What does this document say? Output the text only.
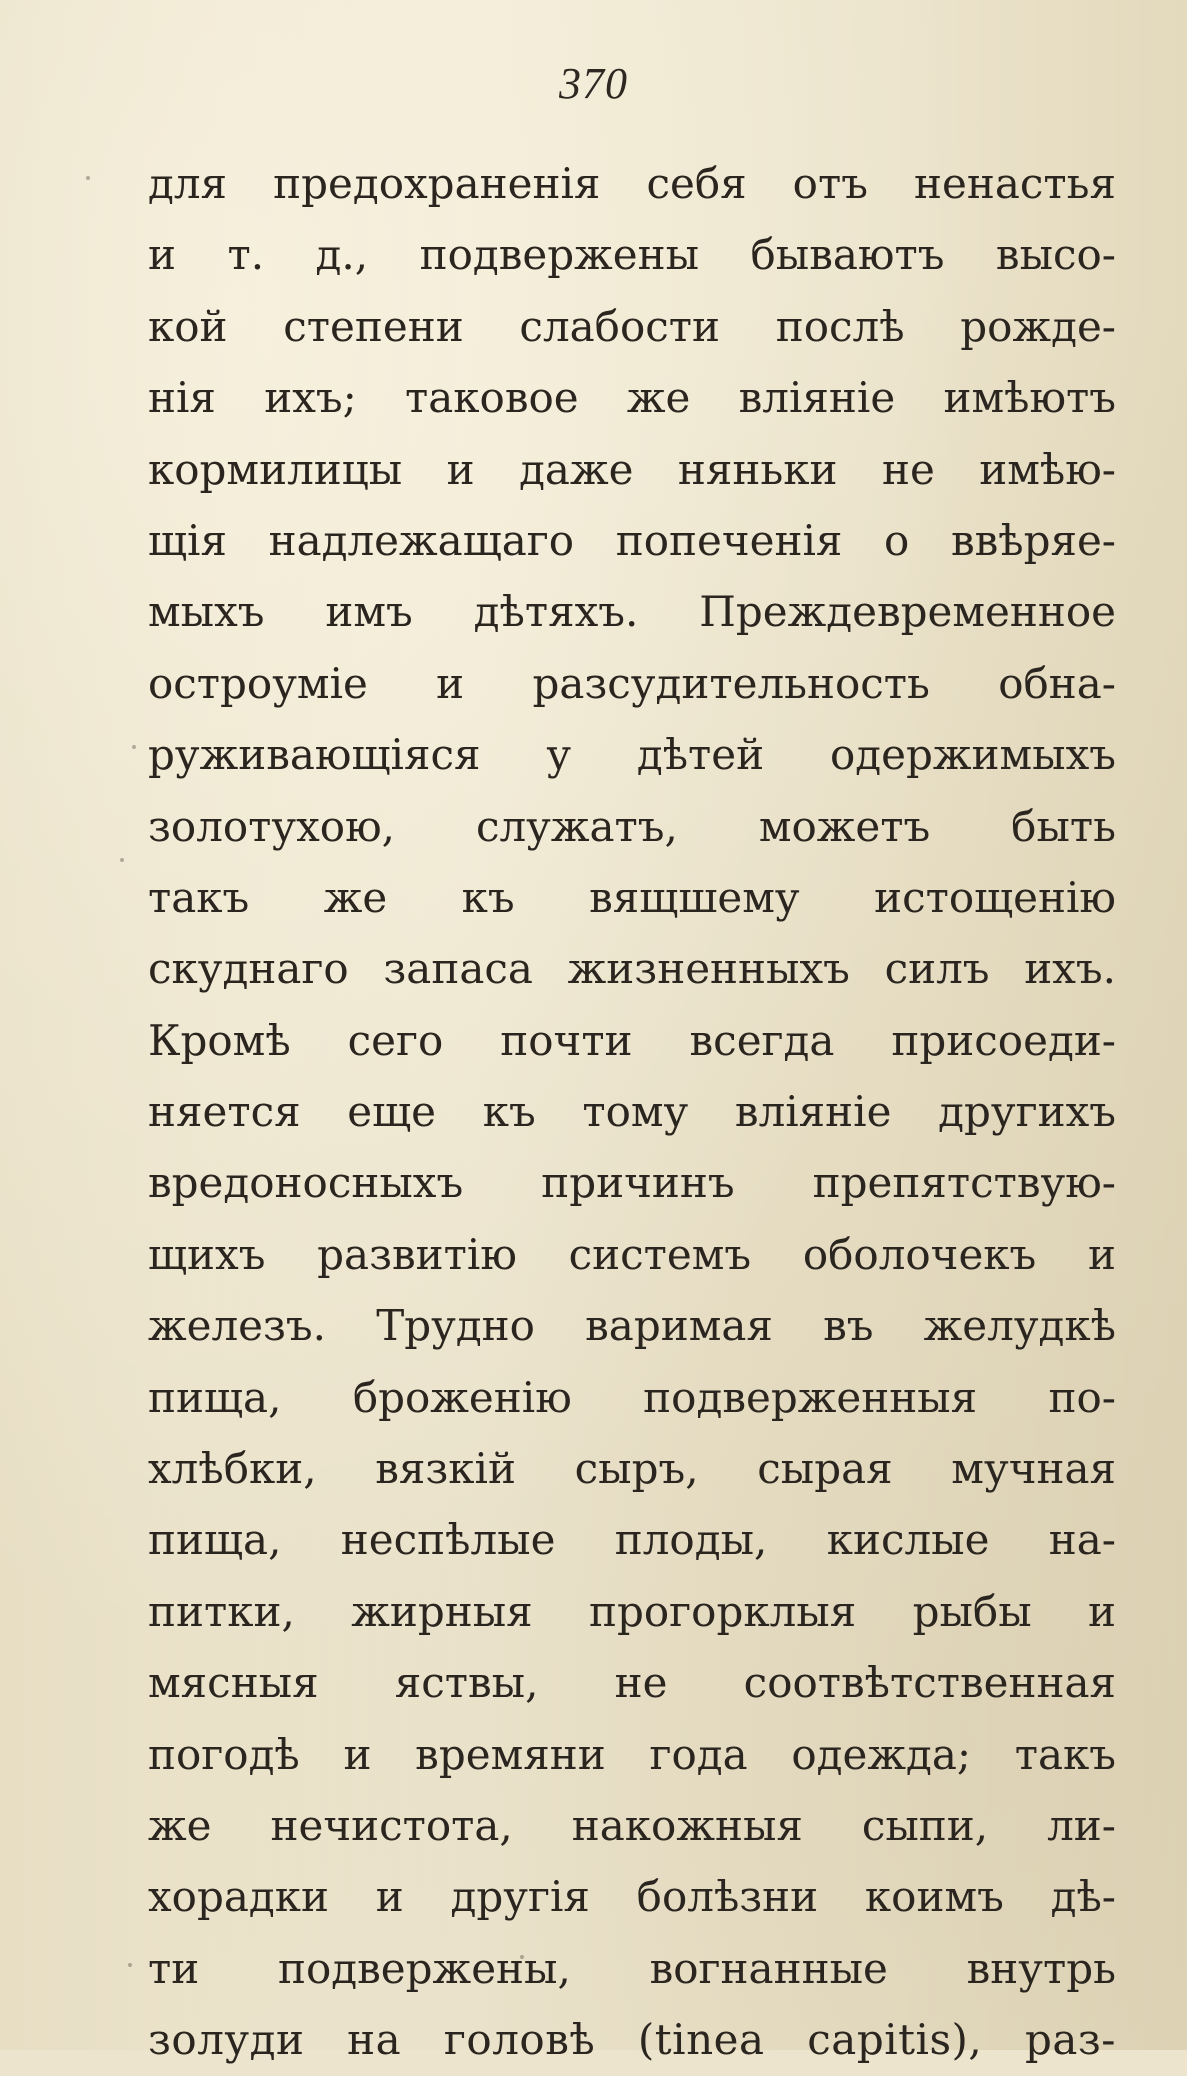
370
для предохраненія себя отъ ненастья
и т. д., подвержены бываютъ высо-
кой степени слабости послѣ рожде-
нія ихъ; таковое же вліяніе имѣютъ
кормилицы и даже няньки не имѣю-
щія надлежащаго попеченія о ввѣряе-
мыхъ имъ дѣтяхъ. Преждевременное
остроуміе и разсудительность обна-
руживающіяся у дѣтей одержимыхъ
золотухою, служатъ, можетъ быть
такъ же къ вящшему истощенію
скуднаго запаса жизненныхъ силъ ихъ.
Кромѣ сего почти всегда присоеди-
няется еще къ тому вліяніе другихъ
вредоносныхъ причинъ препятствую-
щихъ развитію системъ оболочекъ и
железъ. Трудно варимая въ желудкѣ
пища, броженію подверженныя по-
хлѣбки, вязкій сыръ, сырая мучная
пища, неспѣлые плоды, кислые на-
питки, жирныя прогорклыя рыбы и
мясныя яствы, не соотвѣтственная
погодѣ и времяни года одежда; такъ
же нечистота, накожныя сыпи, ли-
хорадки и другія болѣзни коимъ дѣ-
ти подвержены, вогнанные внутрь
золуди на головѣ (tinea capitis), раз-
